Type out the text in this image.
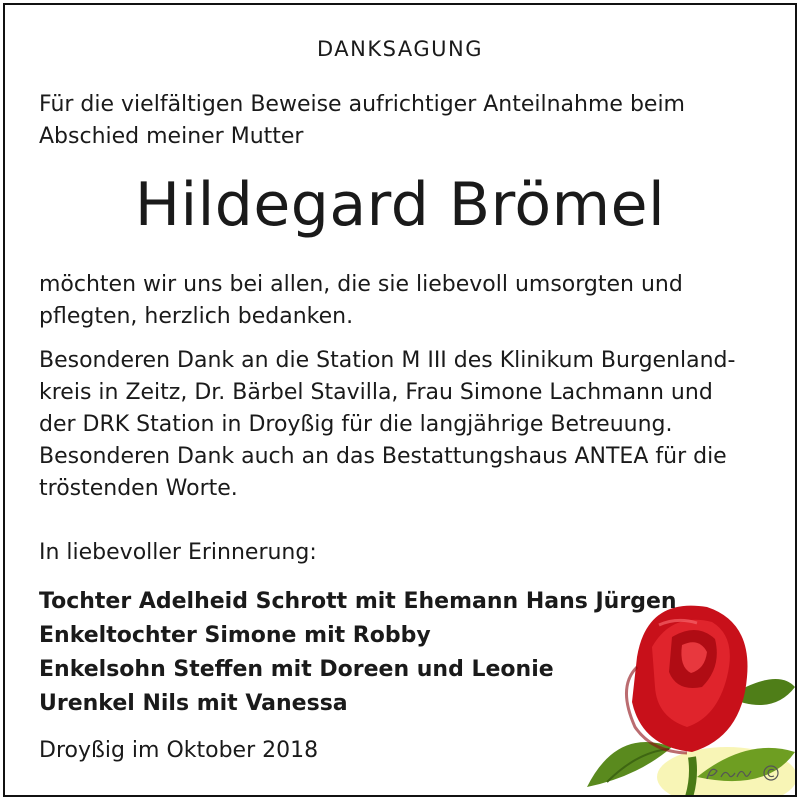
DANKSAGUNG
Für die vielfältigen Beweise aufrichtiger Anteilnahme beim
Abschied meiner Mutter
Hildegard Brömel
möchten wir uns bei allen, die sie liebevoll umsorgten und
pflegten, herzlich bedanken.
Besonderen Dank an die Station M III des Klinikum Burgenland-
kreis in Zeitz, Dr. Bärbel Stavilla, Frau Simone Lachmann und
der DRK Station in Droyßig für die langjährige Betreuung.
Besonderen Dank auch an das Bestattungshaus ANTEA für die
tröstenden Worte.
In liebevoller Erinnerung:
Tochter Adelheid Schrott mit Ehemann Hans Jürgen
Enkeltochter Simone mit Robby
Enkelsohn Steffen mit Doreen und Leonie
Urenkel Nils mit Vanessa
Droyßig im Oktober 2018
